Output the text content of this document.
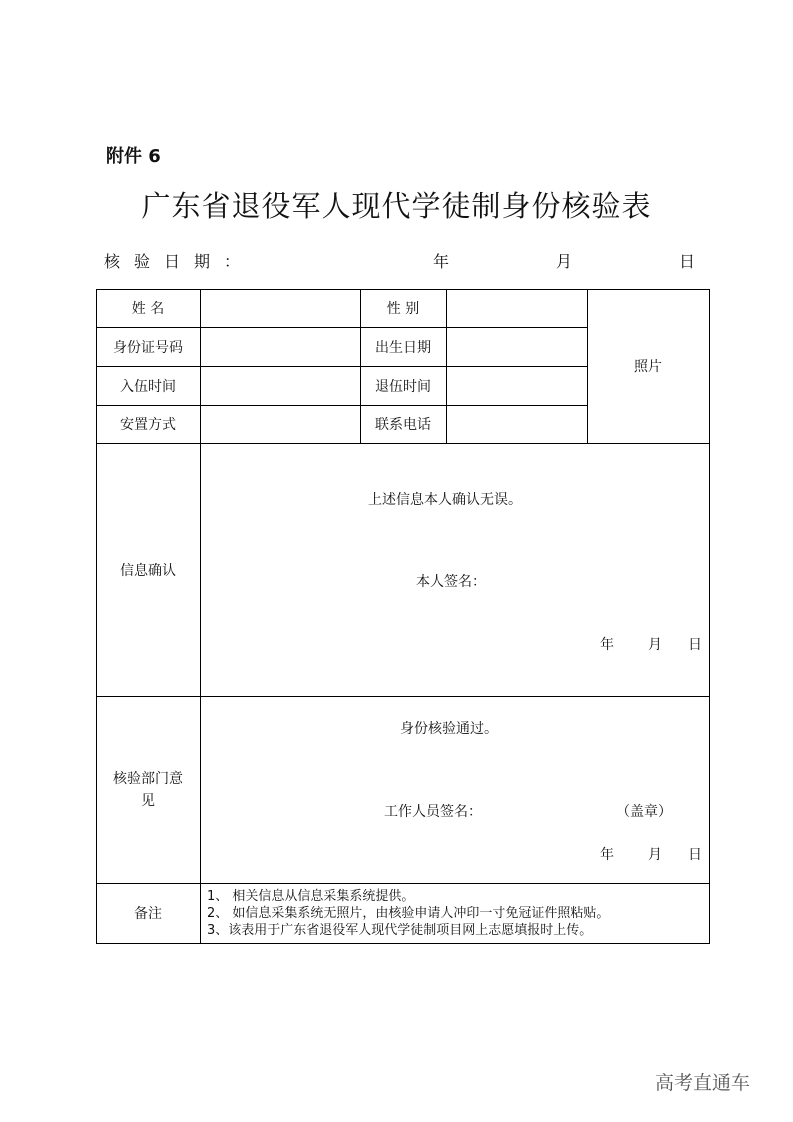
附件 6
广东省退役军人现代学徒制身份核验表
核验日期：	年	月	日
姓 名	性 别
身份证号码	出生日期
入伍时间	退伍时间
安置方式	联系电话
照片
信息确认
上述信息本人确认无误。
本人签名：
年 月 日
核验部门意
见
身份核验通过。
工作人员签名：	（盖章）
年 月 日
备注
1、 相关信息从信息采集系统提供。
2、 如信息采集系统无照片，由核验申请人冲印一寸免冠证件照粘贴。
3、该表用于广东省退役军人现代学徒制项目网上志愿填报时上传。
高考直通车
